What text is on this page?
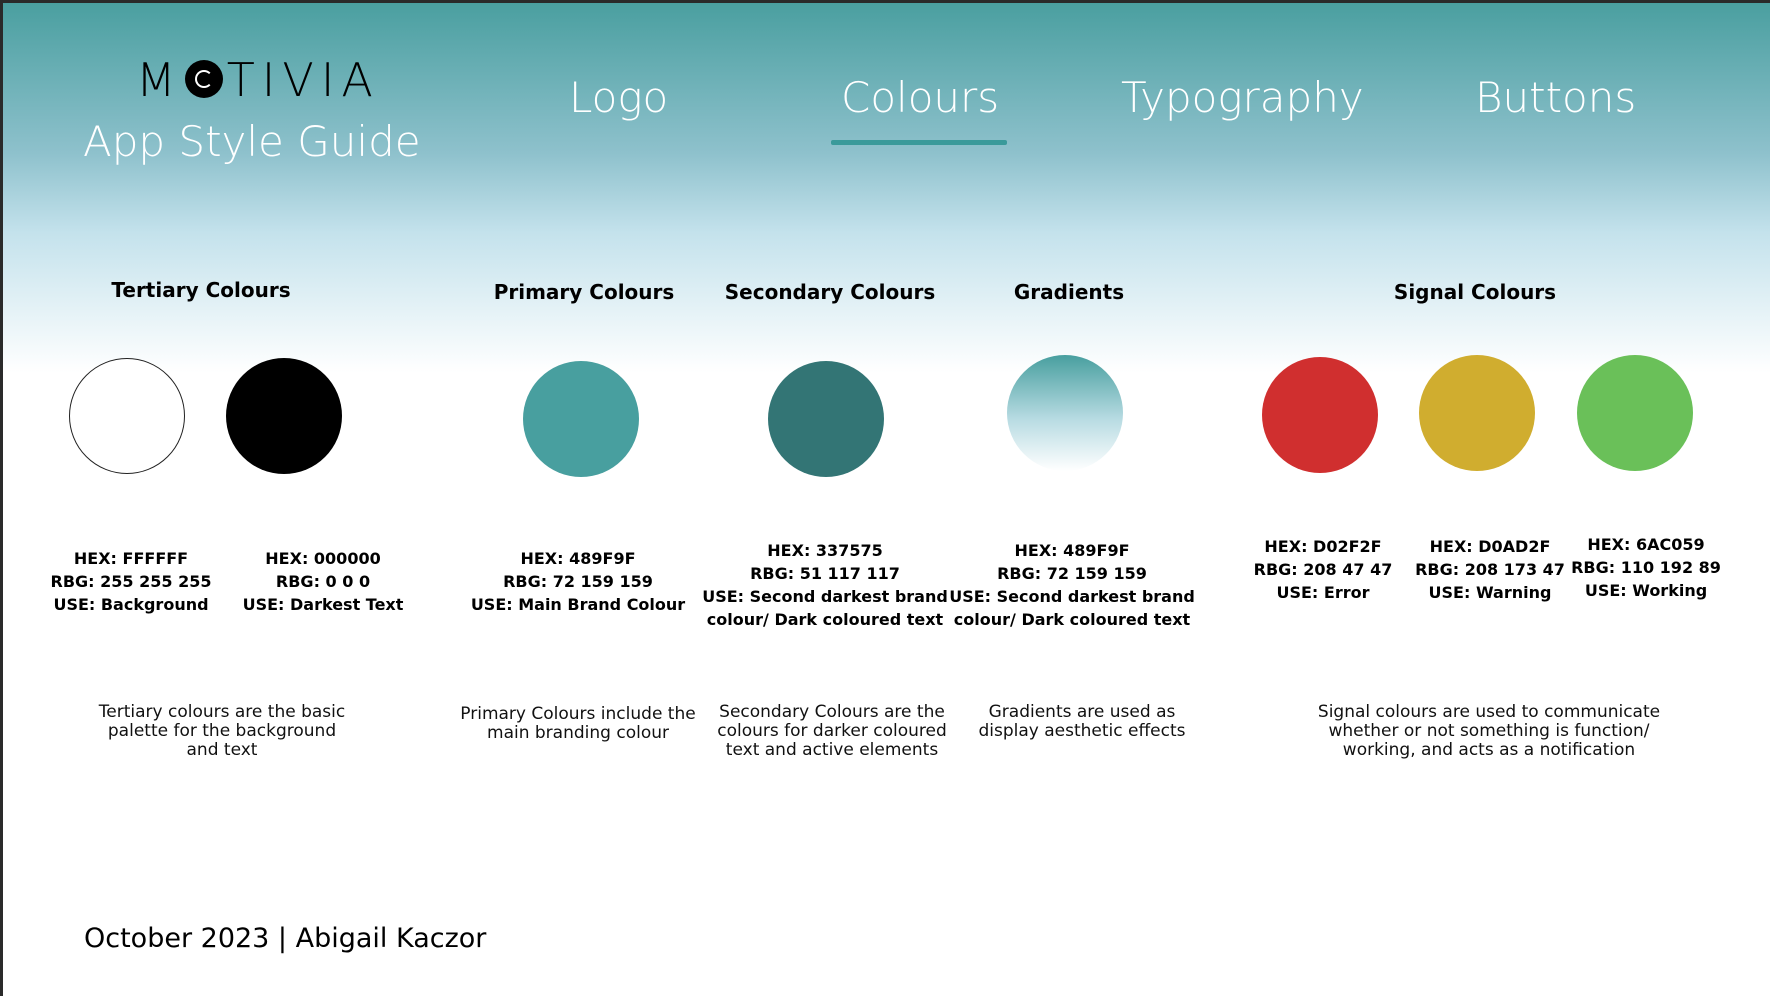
M TIVIA
App Style Guide
Logo	Colours	Typography	Buttons
Tertiary Colours	Primary Colours	Secondary Colours	Gradients	Signal Colours
HEX: FFFFFF
RBG: 255 255 255
USE: Background
HEX: 000000
RBG: 0 0 0
USE: Darkest Text
HEX: 489F9F
RBG: 72 159 159
USE: Main Brand Colour
HEX: 337575
RBG: 51 117 117
USE: Second darkest brand
colour/ Dark coloured text
HEX: 489F9F
RBG: 72 159 159
USE: Second darkest brand
colour/ Dark coloured text
HEX: D02F2F
RBG: 208 47 47
USE: Error
HEX: D0AD2F
RBG: 208 173 47
USE: Warning
HEX: 6AC059
RBG: 110 192 89
USE: Working
Tertiary colours are the basic
palette for the background
and text
Primary Colours include the
main branding colour
Secondary Colours are the
colours for darker coloured
text and active elements
Gradients are used as
display aesthetic effects
Signal colours are used to communicate
whether or not something is function/
working, and acts as a notification
October 2023 | Abigail Kaczor
